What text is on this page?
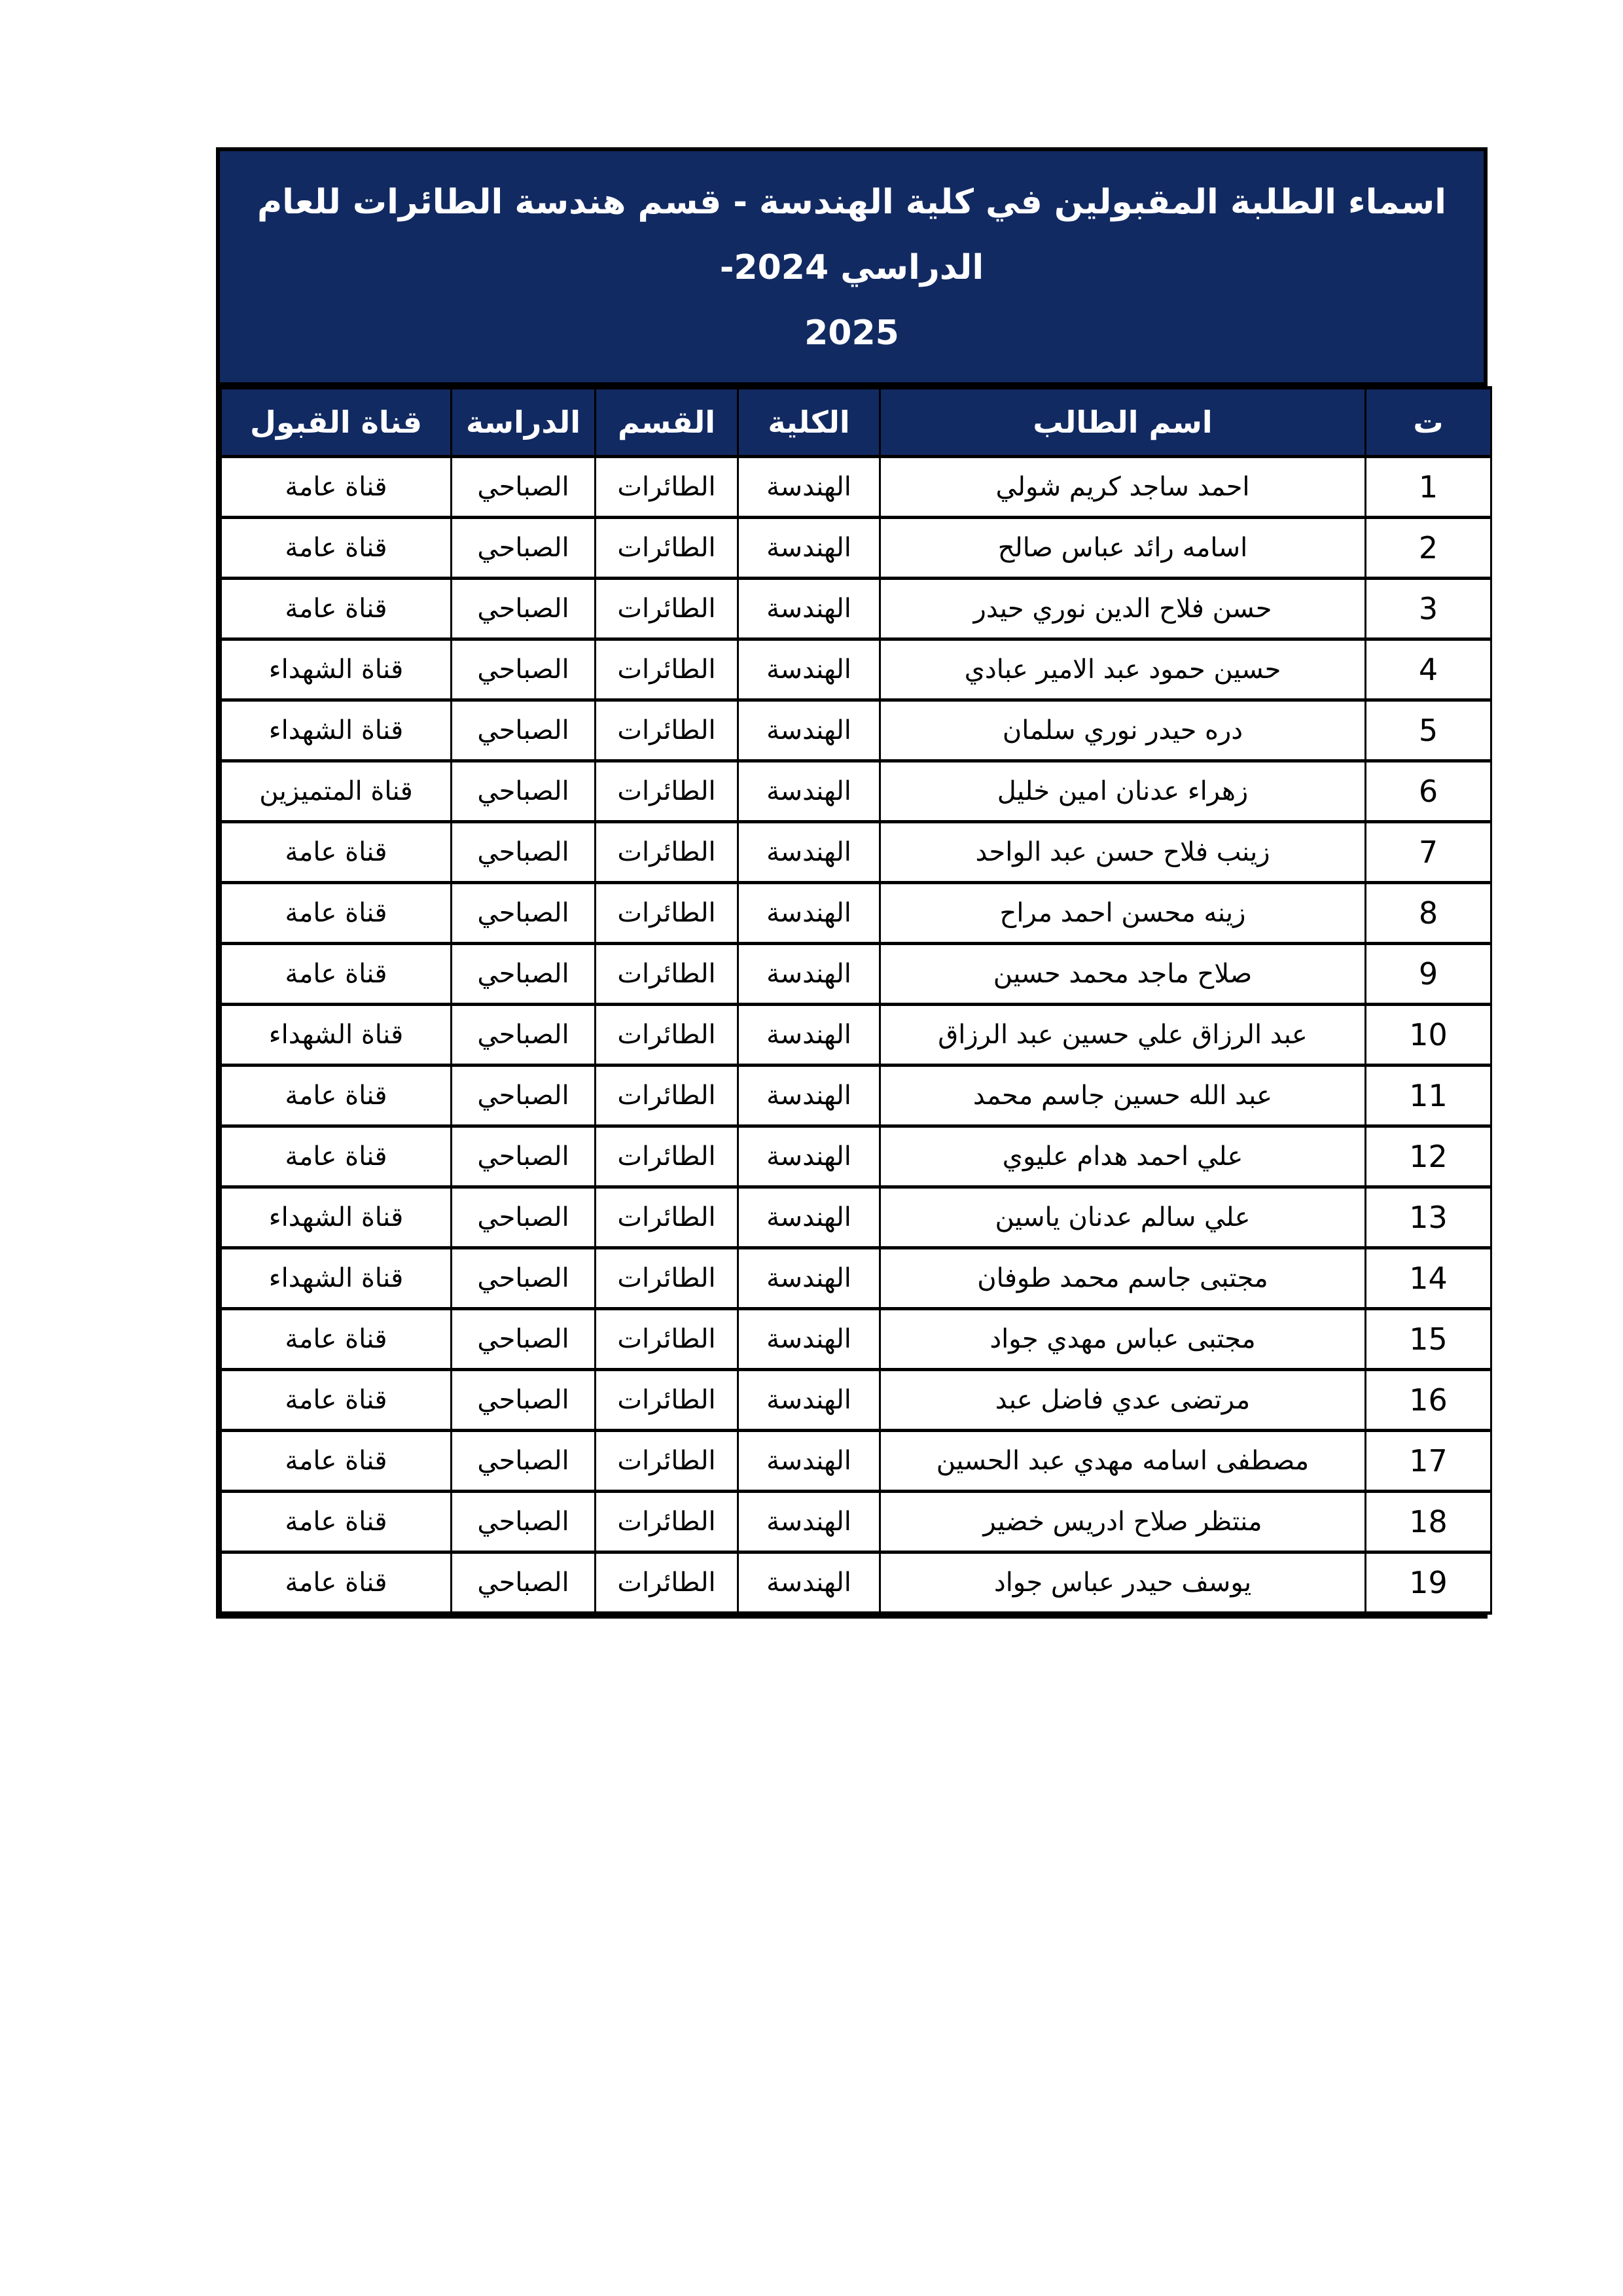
اسماء الطلبة المقبولين في كلية الهندسة - قسم هندسة الطائرات للعام الدراسي 2024-
2025
ت	اسم الطالب	الكلية	القسم	الدراسة	قناة القبول
1	احمد ساجد كريم شولي	الهندسة	الطائرات	الصباحي	قناة عامة
2	اسامه رائد عباس صالح	الهندسة	الطائرات	الصباحي	قناة عامة
3	حسن فلاح الدين نوري حيدر	الهندسة	الطائرات	الصباحي	قناة عامة
4	حسين حمود عبد الامير عبادي	الهندسة	الطائرات	الصباحي	قناة الشهداء
5	دره حيدر نوري سلمان	الهندسة	الطائرات	الصباحي	قناة الشهداء
6	زهراء عدنان امين خليل	الهندسة	الطائرات	الصباحي	قناة المتميزين
7	زينب فلاح حسن عبد الواحد	الهندسة	الطائرات	الصباحي	قناة عامة
8	زينه محسن احمد مراح	الهندسة	الطائرات	الصباحي	قناة عامة
9	صلاح ماجد محمد حسين	الهندسة	الطائرات	الصباحي	قناة عامة
10	عبد الرزاق علي حسين عبد الرزاق	الهندسة	الطائرات	الصباحي	قناة الشهداء
11	عبد الله حسين جاسم محمد	الهندسة	الطائرات	الصباحي	قناة عامة
12	علي احمد هدام عليوي	الهندسة	الطائرات	الصباحي	قناة عامة
13	علي سالم عدنان ياسين	الهندسة	الطائرات	الصباحي	قناة الشهداء
14	مجتبى جاسم محمد طوفان	الهندسة	الطائرات	الصباحي	قناة الشهداء
15	مجتبى عباس مهدي جواد	الهندسة	الطائرات	الصباحي	قناة عامة
16	مرتضى عدي فاضل عبد	الهندسة	الطائرات	الصباحي	قناة عامة
17	مصطفى اسامه مهدي عبد الحسين	الهندسة	الطائرات	الصباحي	قناة عامة
18	منتظر صلاح ادريس خضير	الهندسة	الطائرات	الصباحي	قناة عامة
19	يوسف حيدر عباس جواد	الهندسة	الطائرات	الصباحي	قناة عامة
